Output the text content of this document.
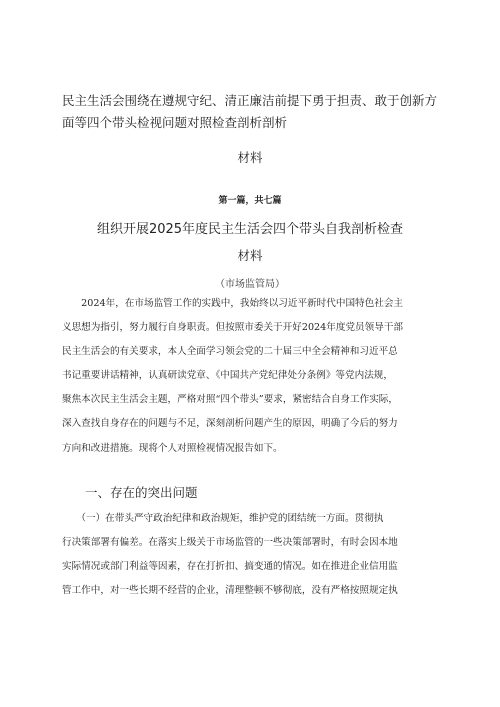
民主生活会围绕在遵规守纪、清正廉洁前提下勇于担责、敢于创新方
面等四个带头检视问题对照检查剖析剖析
材料
第一篇，共七篇
组织开展2025年度民主生活会四个带头自我剖析检查
材料
（市场监管局）
　　2024年，在市场监管工作的实践中，我始终以习近平新时代中国特色社会主
义思想为指引，努力履行自身职责。但按照市委关于开好2024年度党员领导干部
民主生活会的有关要求，本人全面学习领会党的二十届三中全会精神和习近平总
书记重要讲话精神，认真研读党章、《中国共产党纪律处分条例》等党内法规，
聚焦本次民主生活会主题，严格对照“四个带头”要求，紧密结合自身工作实际，
深入查找自身存在的问题与不足，深刻剖析问题产生的原因，明确了今后的努力
方向和改进措施。现将个人对照检视情况报告如下。
一、存在的突出问题
　　（一）在带头严守政治纪律和政治规矩，维护党的团结统一方面。贯彻执
行决策部署有偏差。在落实上级关于市场监管的一些决策部署时，有时会因本地
实际情况或部门利益等因素，存在打折扣、搞变通的情况。如在推进企业信用监
管工作中，对一些长期不经营的企业，清理整顿不够彻底，没有严格按照规定执
